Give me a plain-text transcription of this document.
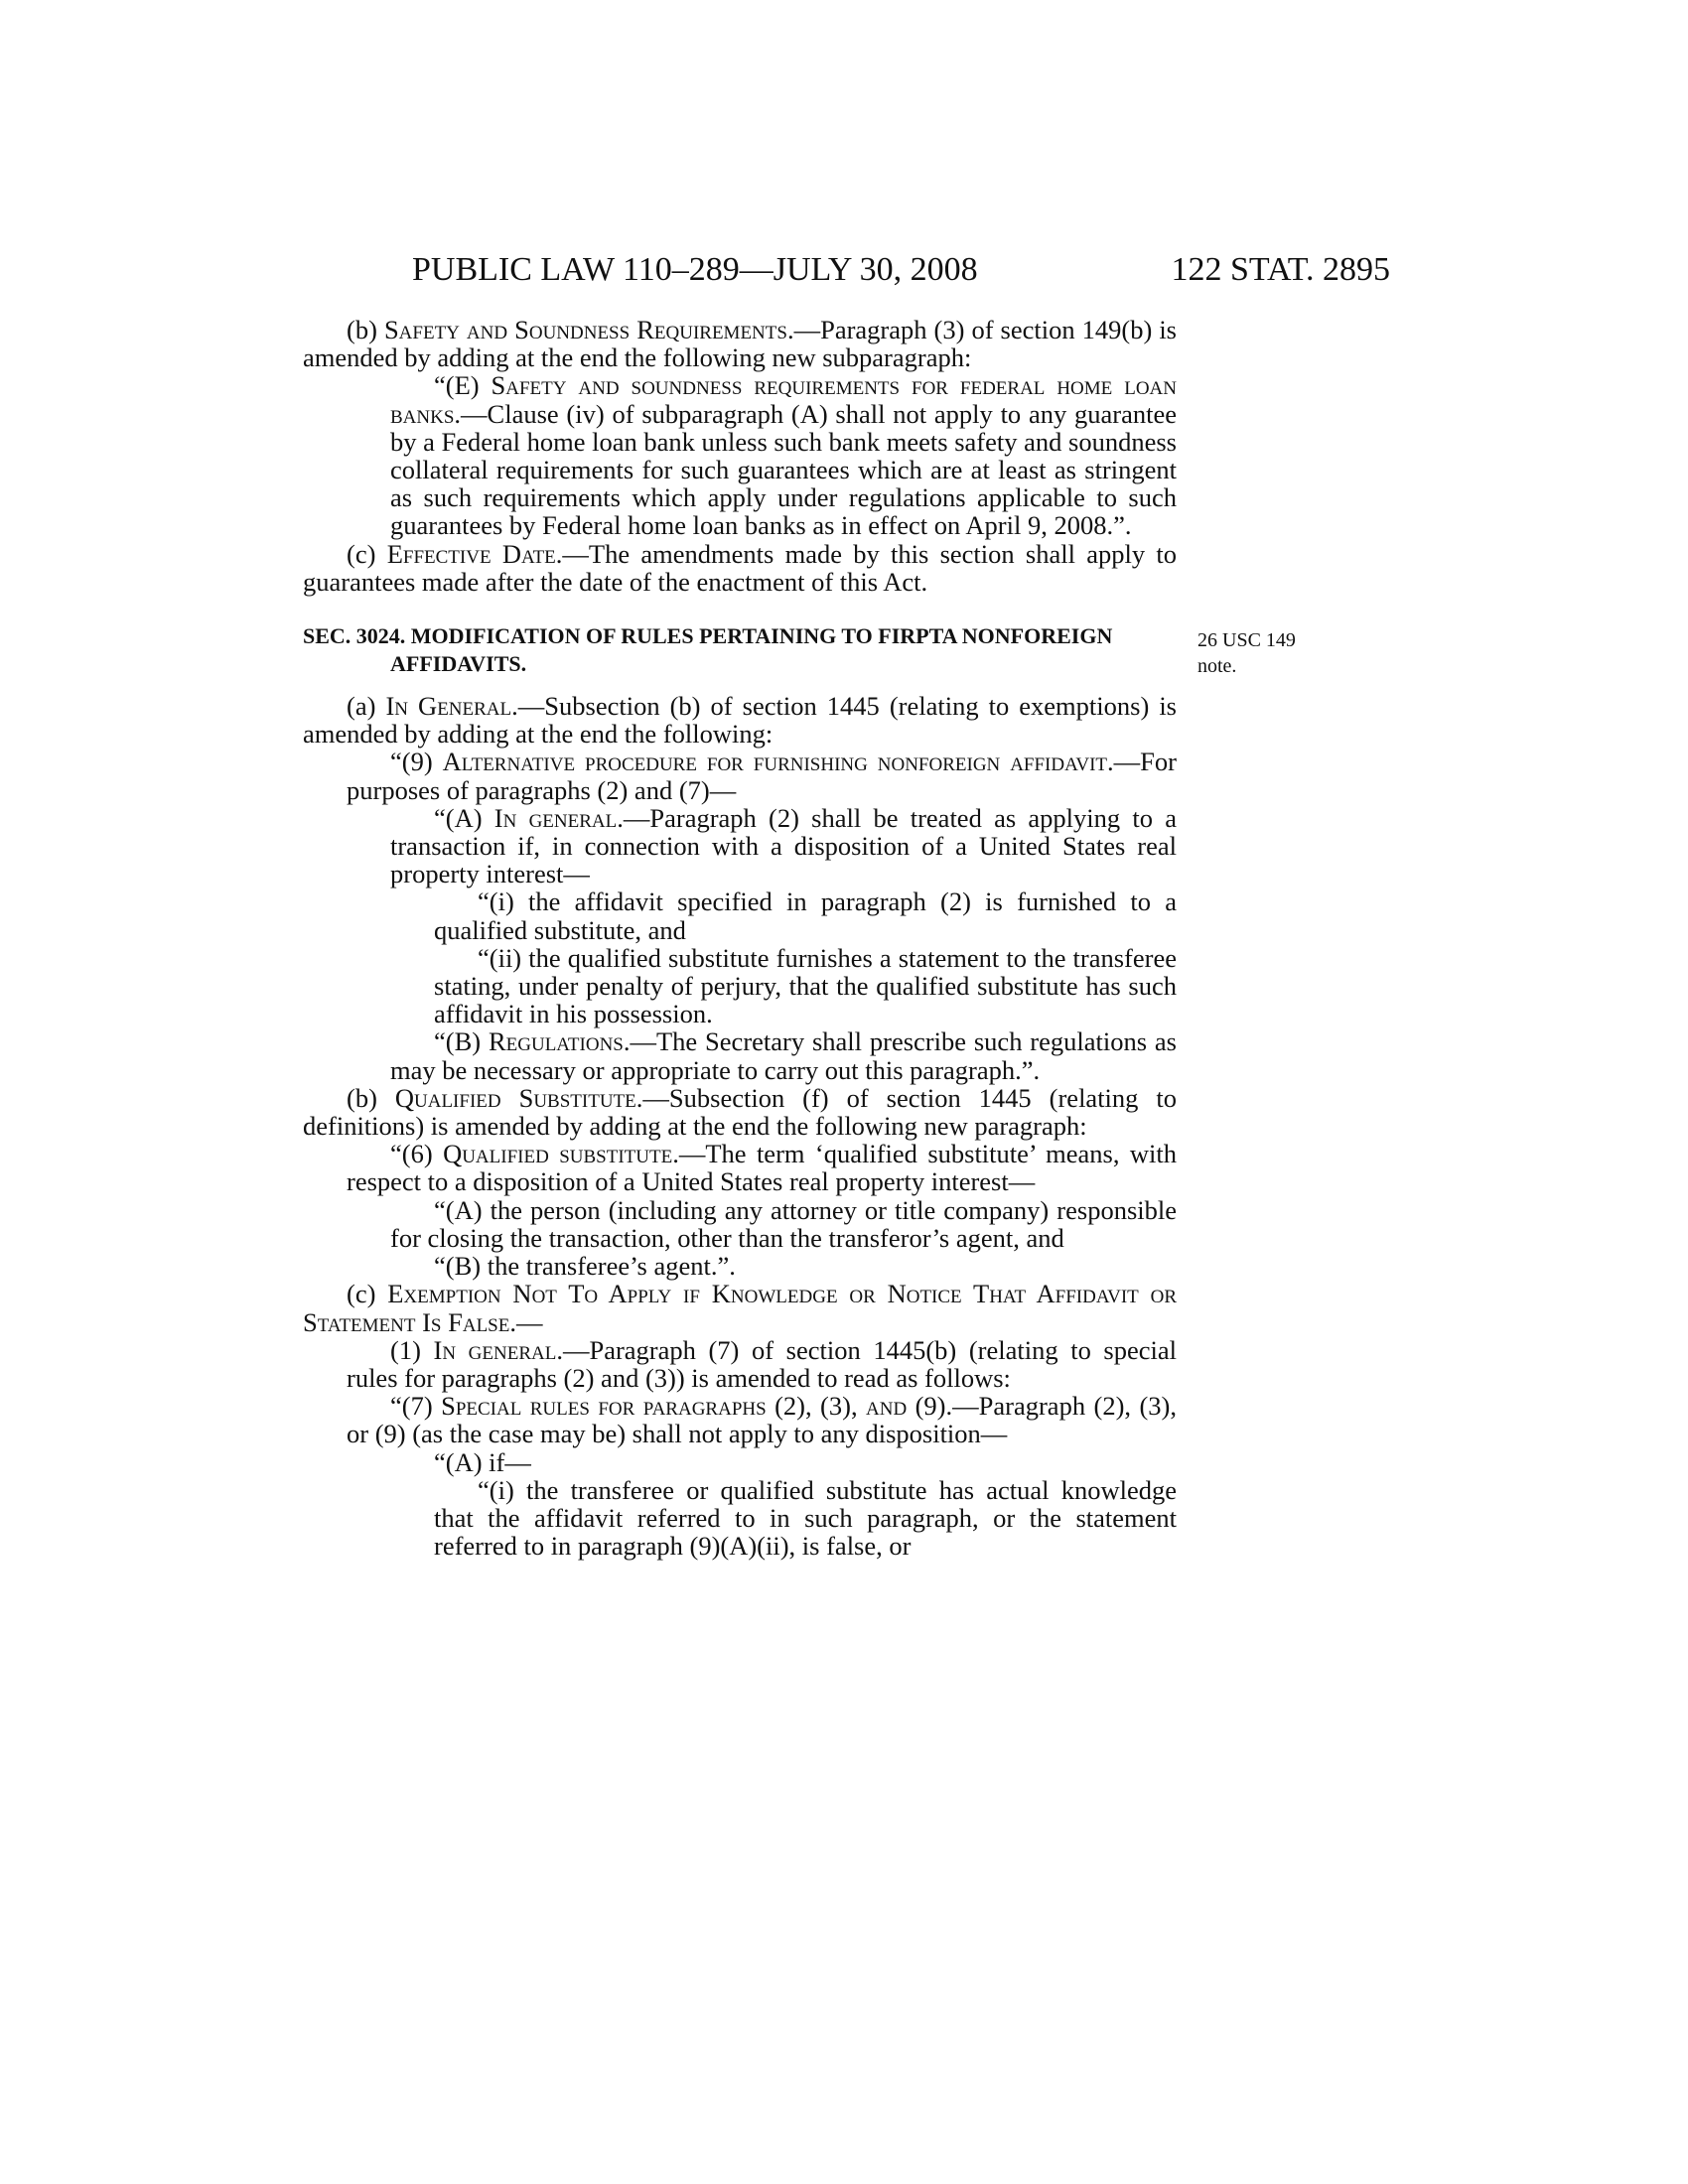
PUBLIC LAW 110–289—JULY 30, 2008	122 STAT. 2895
26 USC 149
note.

(b) Safety and Soundness Requirements.—Paragraph (3) of section 149(b) is amended by adding at the end the following new subparagraph:

“(E) Safety and soundness requirements for federal home loan banks.—Clause (iv) of subparagraph (A) shall not apply to any guarantee by a Federal home loan bank unless such bank meets safety and soundness collateral requirements for such guarantees which are at least as stringent as such requirements which apply under regulations applicable to such guarantees by Federal home loan banks as in effect on April 9, 2008.”.

(c) Effective Date.—The amendments made by this section shall apply to guarantees made after the date of the enactment of this Act.

SEC. 3024. MODIFICATION OF RULES PERTAINING TO FIRPTA NONFOREIGN AFFIDAVITS.

(a) In General.—Subsection (b) of section 1445 (relating to exemptions) is amended by adding at the end the following:

“(9) Alternative procedure for furnishing nonforeign affidavit.—For purposes of paragraphs (2) and (7)—

“(A) In general.—Paragraph (2) shall be treated as applying to a transaction if, in connection with a disposition of a United States real property interest—

“(i) the affidavit specified in paragraph (2) is furnished to a qualified substitute, and

“(ii) the qualified substitute furnishes a statement to the transferee stating, under penalty of perjury, that the qualified substitute has such affidavit in his possession.

“(B) Regulations.—The Secretary shall prescribe such regulations as may be necessary or appropriate to carry out this paragraph.”.

(b) Qualified Substitute.—Subsection (f) of section 1445 (relating to definitions) is amended by adding at the end the following new paragraph:

“(6) Qualified substitute.—The term ‘qualified substitute’ means, with respect to a disposition of a United States real property interest—

“(A) the person (including any attorney or title company) responsible for closing the transaction, other than the transferor’s agent, and

“(B) the transferee’s agent.”.

(c) Exemption Not To Apply if Knowledge or Notice That Affidavit or Statement Is False.—

(1) In general.—Paragraph (7) of section 1445(b) (relating to special rules for paragraphs (2) and (3)) is amended to read as follows:

“(7) Special rules for paragraphs (2), (3), and (9).—Paragraph (2), (3), or (9) (as the case may be) shall not apply to any disposition—

“(A) if—

“(i) the transferee or qualified substitute has actual knowledge that the affidavit referred to in such paragraph, or the statement referred to in paragraph (9)(A)(ii), is false, or
